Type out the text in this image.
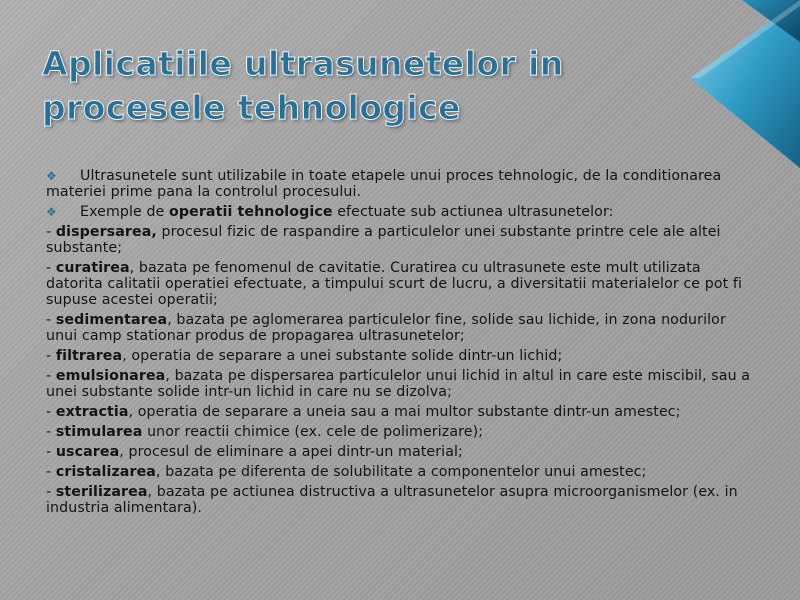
Aplicatiile ultrasunetelor in
procesele tehnologice

❖ Ultrasunetele sunt utilizabile in toate etapele unui proces tehnologic, de la conditionarea materiei prime pana la controlul procesului.

❖ Exemple de operatii tehnologice efectuate sub actiunea ultrasunetelor:

- dispersarea, procesul fizic de raspandire a particulelor unei substante printre cele ale altei substante;

- curatirea, bazata pe fenomenul de cavitatie. Curatirea cu ultrasunete este mult utilizata datorita calitatii operatiei efectuate, a timpului scurt de lucru, a diversitatii materialelor ce pot fi supuse acestei operatii;

- sedimentarea, bazata pe aglomerarea particulelor fine, solide sau lichide, in zona nodurilor unui camp stationar produs de propagarea ultrasunetelor;

- filtrarea, operatia de separare a unei substante solide dintr-un lichid;

- emulsionarea, bazata pe dispersarea particulelor unui lichid in altul in care este miscibil, sau a unei substante solide intr-un lichid in care nu se dizolva;

- extractia, operatia de separare a uneia sau a mai multor substante dintr-un amestec;

- stimularea unor reactii chimice (ex. cele de polimerizare);

- uscarea, procesul de eliminare a apei dintr-un material;

- cristalizarea, bazata pe diferenta de solubilitate a componentelor unui amestec;

- sterilizarea, bazata pe actiunea distructiva a ultrasunetelor asupra microorganismelor (ex. in industria alimentara).
